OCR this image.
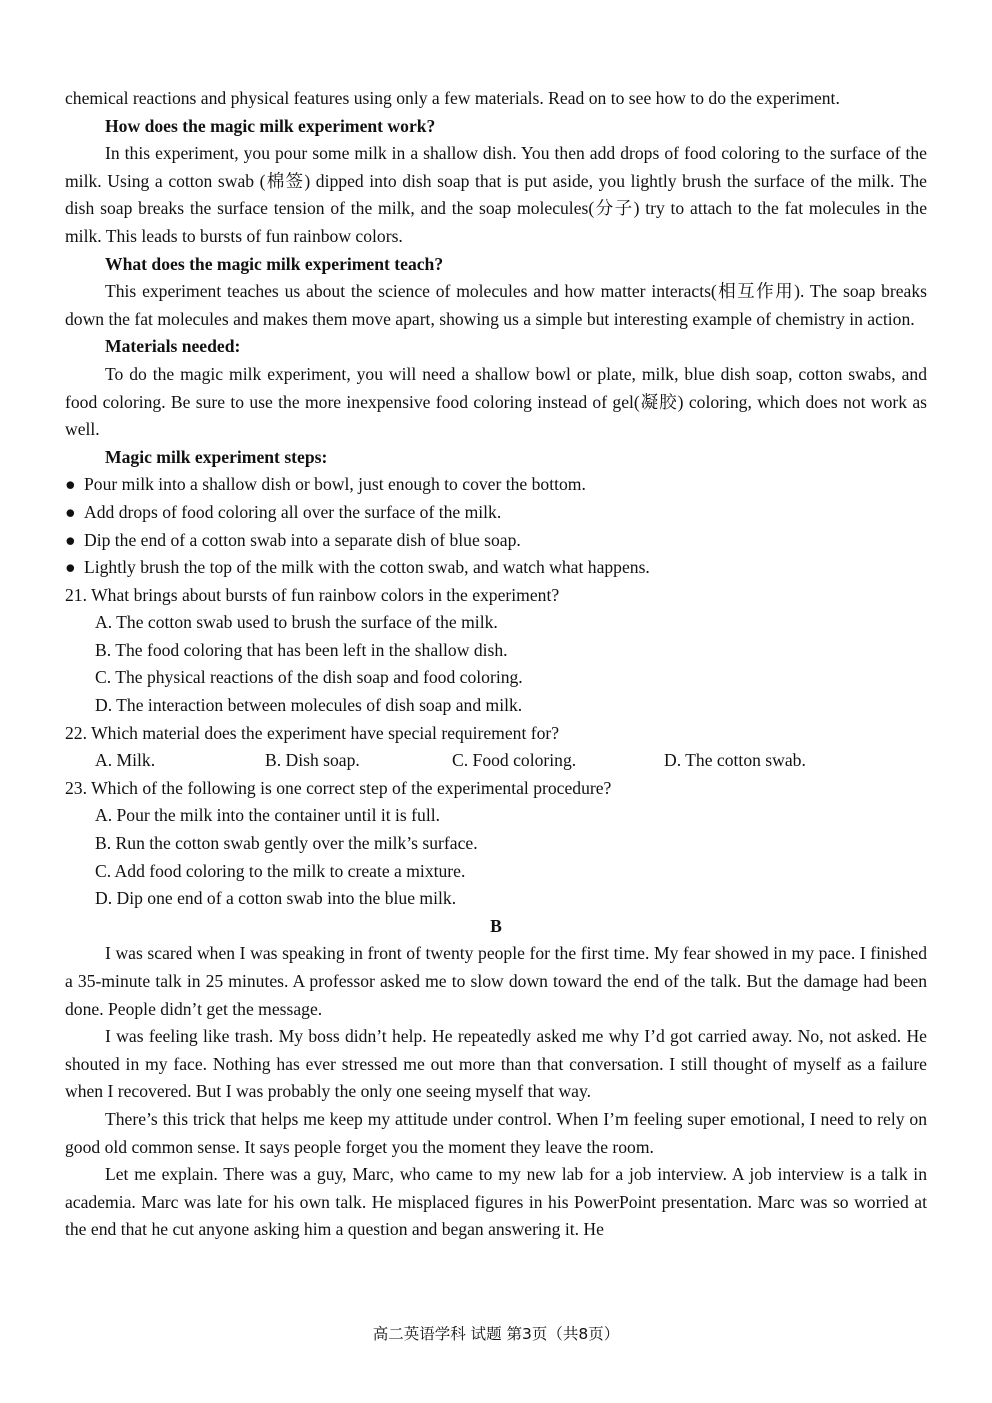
chemical reactions and physical features using only a few materials. Read on to see how to do the experiment.

How does the magic milk experiment work?

In this experiment, you pour some milk in a shallow dish. You then add drops of food coloring to the surface of the milk. Using a cotton swab (棉签) dipped into dish soap that is put aside, you lightly brush the surface of the milk. The dish soap breaks the surface tension of the milk, and the soap molecules(分子) try to attach to the fat molecules in the milk. This leads to bursts of fun rainbow colors.

What does the magic milk experiment teach?

This experiment teaches us about the science of molecules and how matter interacts(相互作用). The soap breaks down the fat molecules and makes them move apart, showing us a simple but interesting example of chemistry in action.

Materials needed:

To do the magic milk experiment, you will need a shallow bowl or plate, milk, blue dish soap, cotton swabs, and food coloring. Be sure to use the more inexpensive food coloring instead of gel(凝胶) coloring, which does not work as well.

Magic milk experiment steps:

● Pour milk into a shallow dish or bowl, just enough to cover the bottom.

● Add drops of food coloring all over the surface of the milk.

● Dip the end of a cotton swab into a separate dish of blue soap.

● Lightly brush the top of the milk with the cotton swab, and watch what happens.

21. What brings about bursts of fun rainbow colors in the experiment?

A. The cotton swab used to brush the surface of the milk.

B. The food coloring that has been left in the shallow dish.

C. The physical reactions of the dish soap and food coloring.

D. The interaction between molecules of dish soap and milk.

22. Which material does the experiment have special requirement for?

A. Milk.	B. Dish soap.	C. Food coloring.	D. The cotton swab.

23. Which of the following is one correct step of the experimental procedure?

A. Pour the milk into the container until it is full.

B. Run the cotton swab gently over the milk’s surface.

C. Add food coloring to the milk to create a mixture.

D. Dip one end of a cotton swab into the blue milk.

B

I was scared when I was speaking in front of twenty people for the first time. My fear showed in my pace. I finished a 35-minute talk in 25 minutes. A professor asked me to slow down toward the end of the talk. But the damage had been done. People didn’t get the message.

I was feeling like trash. My boss didn’t help. He repeatedly asked me why I’d got carried away. No, not asked. He shouted in my face. Nothing has ever stressed me out more than that conversation. I still thought of myself as a failure when I recovered. But I was probably the only one seeing myself that way.

There’s this trick that helps me keep my attitude under control. When I’m feeling super emotional, I need to rely on good old common sense. It says people forget you the moment they leave the room.

Let me explain. There was a guy, Marc, who came to my new lab for a job interview. A job interview is a talk in academia. Marc was late for his own talk. He misplaced figures in his PowerPoint presentation. Marc was so worried at the end that he cut anyone asking him a question and began answering it. He

高二英语学科 试题 第3页（共8页）
